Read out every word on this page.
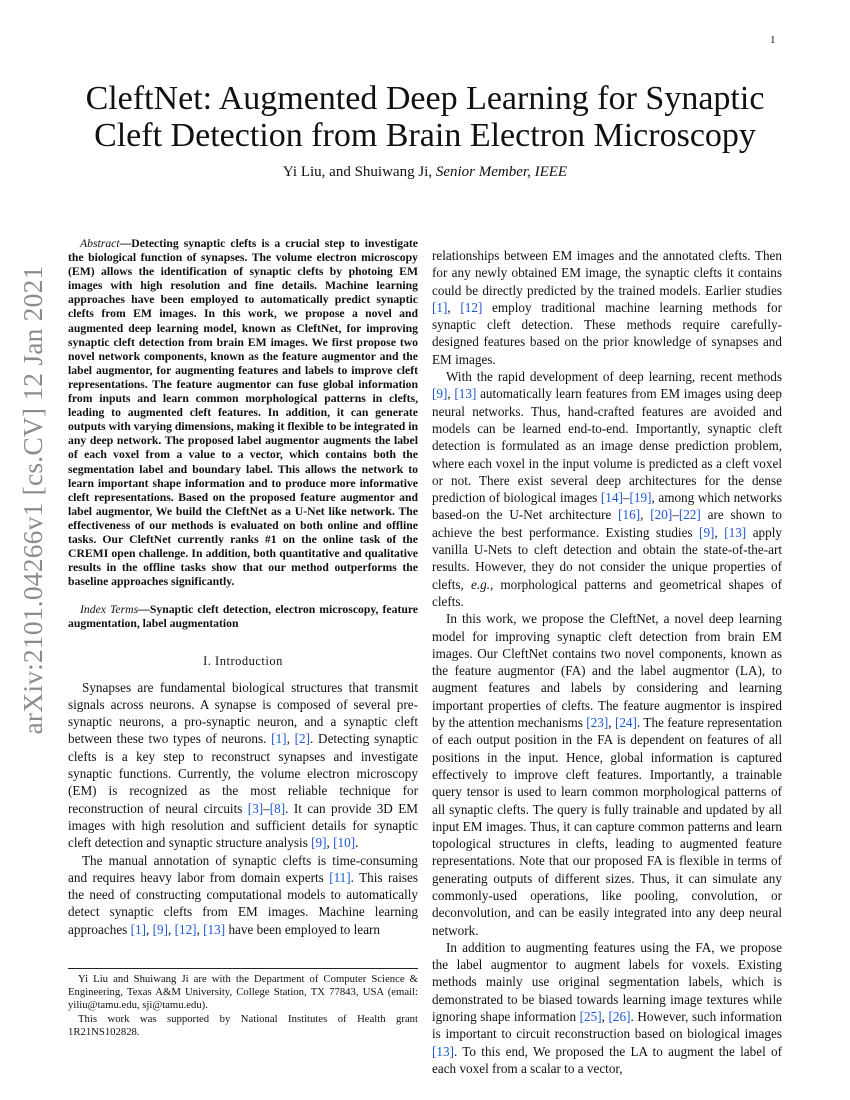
1
arXiv:2101.04266v1 [cs.CV] 12 Jan 2021
CleftNet: Augmented Deep Learning for Synaptic
Cleft Detection from Brain Electron Microscopy
Yi Liu, and Shuiwang Ji, Senior Member, IEEE

Abstract—Detecting synaptic clefts is a crucial step to investigate the biological function of synapses. The volume electron microscopy (EM) allows the identification of synaptic clefts by photoing EM images with high resolution and fine details. Machine learning approaches have been employed to automatically predict synaptic clefts from EM images. In this work, we propose a novel and augmented deep learning model, known as CleftNet, for improving synaptic cleft detection from brain EM images. We first propose two novel network components, known as the feature augmentor and the label augmentor, for augmenting features and labels to improve cleft representations. The feature augmentor can fuse global information from inputs and learn common morphological patterns in clefts, leading to augmented cleft features. In addition, it can generate outputs with varying dimensions, making it flexible to be integrated in any deep network. The proposed label augmentor augments the label of each voxel from a value to a vector, which contains both the segmentation label and boundary label. This allows the network to learn important shape information and to produce more informative cleft representations. Based on the proposed feature augmentor and label augmentor, We build the CleftNet as a U-Net like network. The effectiveness of our methods is evaluated on both online and offline tasks. Our CleftNet currently ranks #1 on the online task of the CREMI open challenge. In addition, both quantitative and qualitative results in the offline tasks show that our method outperforms the baseline approaches significantly.

Index Terms—Synaptic cleft detection, electron microscopy, feature augmentation, label augmentation

I. Introduction

Synapses are fundamental biological structures that transmit signals across neurons. A synapse is composed of several pre-synaptic neurons, a pro-synaptic neuron, and a synaptic cleft between these two types of neurons. [1], [2]. Detecting synaptic clefts is a key step to reconstruct synapses and investigate synaptic functions. Currently, the volume electron microscopy (EM) is recognized as the most reliable technique for reconstruction of neural circuits [3]–[8]. It can provide 3D EM images with high resolution and sufficient details for synaptic cleft detection and synaptic structure analysis [9], [10].

The manual annotation of synaptic clefts is time-consuming and requires heavy labor from domain experts [11]. This raises the need of constructing computational models to automatically detect synaptic clefts from EM images. Machine learning approaches [1], [9], [12], [13] have been employed to learn

Yi Liu and Shuiwang Ji are with the Department of Computer Science & Engineering, Texas A&M University, College Station, TX 77843, USA (email: yiliu@tamu.edu, sji@tamu.edu).

This work was supported by National Institutes of Health grant 1R21NS102828.

relationships between EM images and the annotated clefts. Then for any newly obtained EM image, the synaptic clefts it contains could be directly predicted by the trained models. Earlier studies [1], [12] employ traditional machine learning methods for synaptic cleft detection. These methods require carefully-designed features based on the prior knowledge of synapses and EM images.

With the rapid development of deep learning, recent methods [9], [13] automatically learn features from EM images using deep neural networks. Thus, hand-crafted features are avoided and models can be learned end-to-end. Importantly, synaptic cleft detection is formulated as an image dense prediction problem, where each voxel in the input volume is predicted as a cleft voxel or not. There exist several deep architectures for the dense prediction of biological images [14]–[19], among which networks based-on the U-Net architecture [16], [20]–[22] are shown to achieve the best performance. Existing studies [9], [13] apply vanilla U-Nets to cleft detection and obtain the state-of-the-art results. However, they do not consider the unique properties of clefts, e.g., morphological patterns and geometrical shapes of clefts.

In this work, we propose the CleftNet, a novel deep learning model for improving synaptic cleft detection from brain EM images. Our CleftNet contains two novel components, known as the feature augmentor (FA) and the label augmentor (LA), to augment features and labels by considering and learning important properties of clefts. The feature augmentor is inspired by the attention mechanisms [23], [24]. The feature representation of each output position in the FA is dependent on features of all positions in the input. Hence, global information is captured effectively to improve cleft features. Importantly, a trainable query tensor is used to learn common morphological patterns of all synaptic clefts. The query is fully trainable and updated by all input EM images. Thus, it can capture common patterns and learn topological structures in clefts, leading to augmented feature representations. Note that our proposed FA is flexible in terms of generating outputs of different sizes. Thus, it can simulate any commonly-used operations, like pooling, convolution, or deconvolution, and can be easily integrated into any deep neural network.

In addition to augmenting features using the FA, we propose the label augmentor to augment labels for voxels. Existing methods mainly use original segmentation labels, which is demonstrated to be biased towards learning image textures while ignoring shape information [25], [26]. However, such information is important to circuit reconstruction based on biological images [13]. To this end, We proposed the LA to augment the label of each voxel from a scalar to a vector,
